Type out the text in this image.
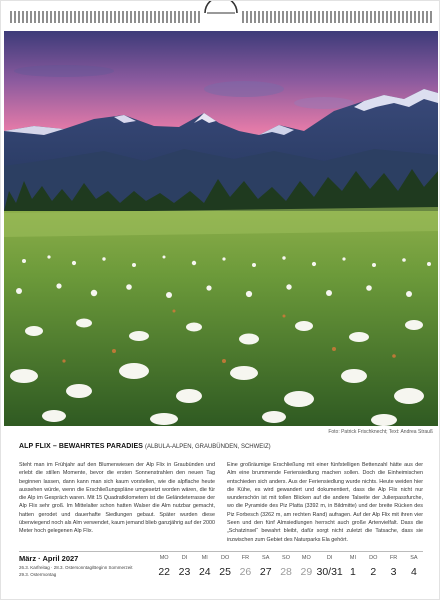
Foto: Patrick Frischknecht; Text: Andrea Strauß
ALP FLIX – BEWAHRTES PARADIES (ALBULA-ALPEN, GRAUBÜNDEN, SCHWEIZ)

Steht man im Frühjahr auf den Blumenwiesen der Alp Flix in Graubünden und erlebt die stillen Momente, bevor die ersten Sonnenstrahlen den neuen Tag beginnen lassen, dann kann man sich kaum vorstellen, wie die alpflache heute aussehen würde, wenn die Erschließungspläne umgesetzt worden wären, die für die Alp im Gespräch waren. Mit 15 Quadratkilometern ist die Geländeterrasse der Alp Flix sehr groß. Im Mittelalter schon hatten Walser die Alm nutzbar gemacht, hatten gerodet und dauerhafte Siedlungen gebaut. Später wurden diese überwiegend noch als Alm verwendet, kaum jemand blieb ganzjährig auf der 2000 Meter hoch gelegenen Alp Flix.

Eine großräumige Erschließung mit einer fünfstelligen Bettenzahl hätte aus der Alm eine brummende Feriensiedlung machen sollen. Doch die Einheimischen entschieden sich anders. Aus der Feriensiedlung wurde nichts. Heute weiden hier die Kühe, es wird gewandert und dokumentiert, dass die Alp Flix nicht nur wunderschön ist mit tollen Blicken auf die andere Talseite der Julierpassfurche, wo die Pyramide des Piz Platta (3392 m, in Bildmitte) und der breite Rücken des Piz Forbesch (3262 m, am rechten Rand) aufragen. Auf der Alp Flix mit ihren vier Seen und den fünf Almsiedlungen herrscht auch große Artenvielfalt. Dass die „Schatzinsel“ bewahrt bleibt, dafür sorgt nicht zuletzt die Tatsache, dass sie inzwischen zum Gebiet des Naturparks Ela gehört.

März · April 2027
26.3. Karfreitag · 28.3. Ostersonntag/Beginn Sommerzeit
29.3. Ostermontag
MO
22
DI
23
MI
24
DO
25
FR
26
SA
27
SO
28
MO
29
DI
30/31
MI
1
DO
2
FR
3
SA
4
